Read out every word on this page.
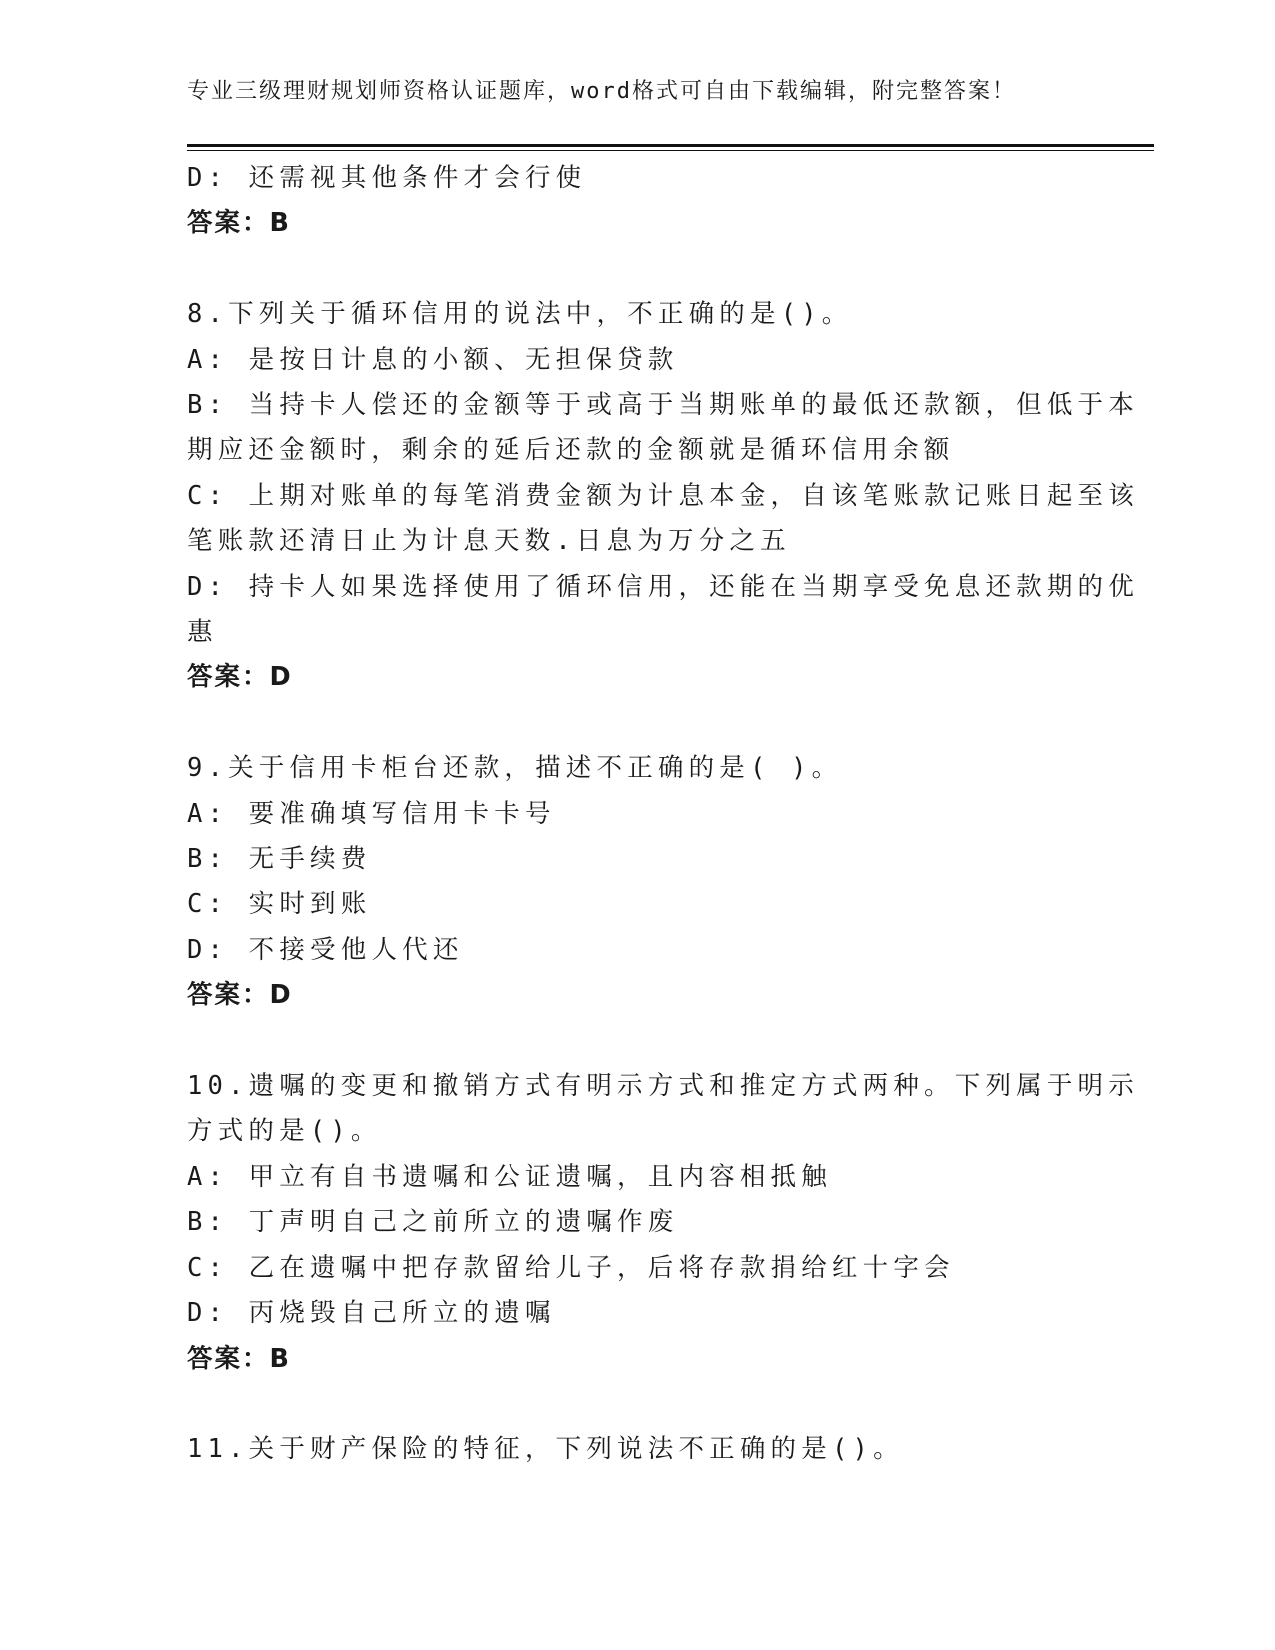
专业三级理财规划师资格认证题库，word格式可自由下载编辑，附完整答案！
D: 还需视其他条件才会行使
答案：B
8.下列关于循环信用的说法中，不正确的是()。
A: 是按日计息的小额、无担保贷款
B: 当持卡人偿还的金额等于或高于当期账单的最低还款额，但低于本
期应还金额时，剩余的延后还款的金额就是循环信用余额
C: 上期对账单的每笔消费金额为计息本金，自该笔账款记账日起至该
笔账款还清日止为计息天数.日息为万分之五
D: 持卡人如果选择使用了循环信用，还能在当期享受免息还款期的优
惠
答案：D
9.关于信用卡柜台还款，描述不正确的是( )。
A: 要准确填写信用卡卡号
B: 无手续费
C: 实时到账
D: 不接受他人代还
答案：D
10.遗嘱的变更和撤销方式有明示方式和推定方式两种。下列属于明示
方式的是()。
A: 甲立有自书遗嘱和公证遗嘱，且内容相抵触
B: 丁声明自己之前所立的遗嘱作废
C: 乙在遗嘱中把存款留给儿子，后将存款捐给红十字会
D: 丙烧毁自己所立的遗嘱
答案：B
11.关于财产保险的特征，下列说法不正确的是()。
